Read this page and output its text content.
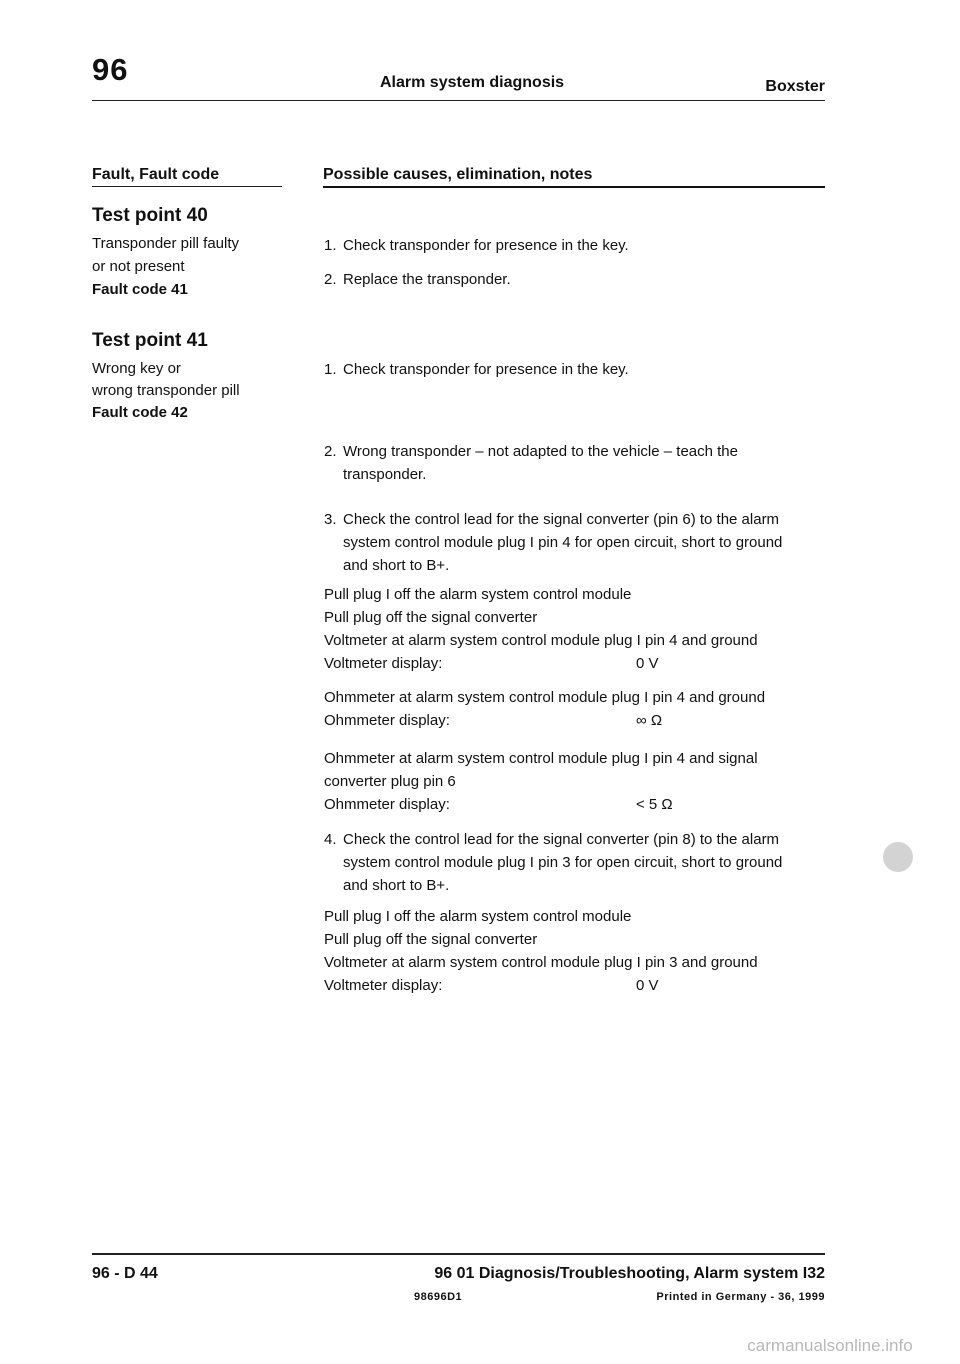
96	Alarm system diagnosis	Boxster
Fault, Fault code	Possible causes, elimination, notes
Test point 40
Transponder pill faulty
or not present
Fault code 41
1. Check transponder for presence in the key.
2. Replace the transponder.
Test point 41
Wrong key or
wrong transponder pill
Fault code 42
1. Check transponder for presence in the key.
2. Wrong transponder – not adapted to the vehicle – teach the
transponder.
3. Check the control lead for the signal converter (pin 6) to the alarm
system control module plug I pin 4 for open circuit, short to ground
and short to B+.
Pull plug I off the alarm system control module
Pull plug off the signal converter
Voltmeter at alarm system control module plug I pin 4 and ground
Voltmeter display:	0 V
Ohmmeter at alarm system control module plug I pin 4 and ground
Ohmmeter display:	∞ Ω
Ohmmeter at alarm system control module plug I pin 4 and signal
converter plug pin 6
Ohmmeter display:	< 5 Ω
4. Check the control lead for the signal converter (pin 8) to the alarm
system control module plug I pin 3 for open circuit, short to ground
and short to B+.
Pull plug I off the alarm system control module
Pull plug off the signal converter
Voltmeter at alarm system control module plug I pin 3 and ground
Voltmeter display:	0 V
96 - D 44	96 01 Diagnosis/Troubleshooting, Alarm system I32
98696D1	Printed in Germany - 36, 1999
carmanualsonline.info
